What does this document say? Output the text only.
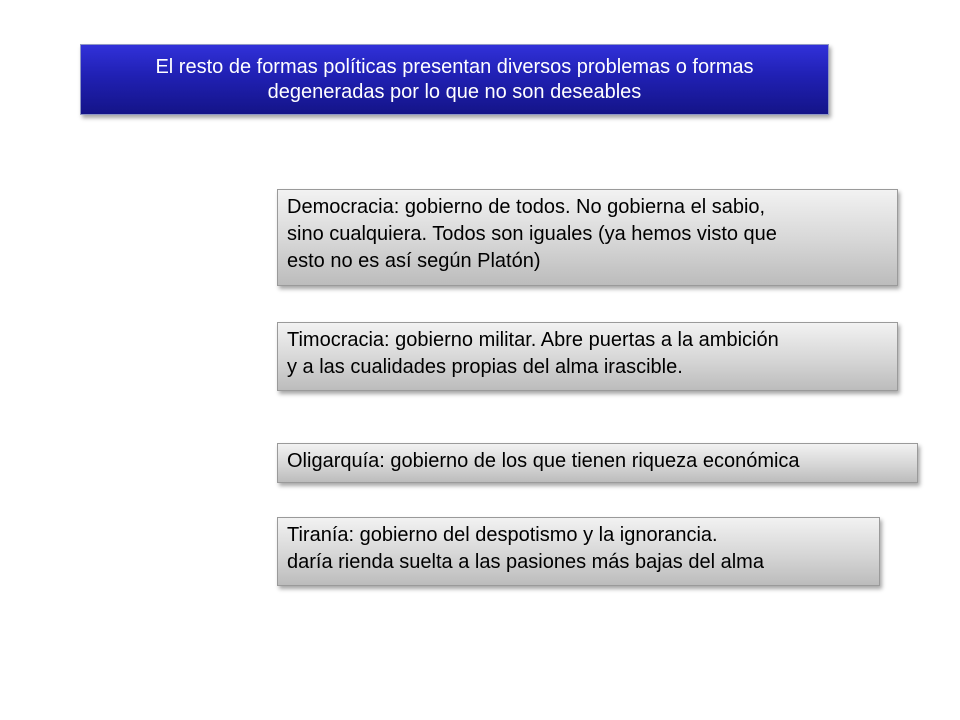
El resto de formas políticas presentan diversos problemas o formas
degeneradas por lo que no son deseables
Democracia: gobierno de todos. No gobierna el sabio,
sino cualquiera. Todos son iguales (ya hemos visto que
esto no es así según Platón)
Timocracia: gobierno militar. Abre puertas a la ambición
y a las cualidades propias del alma irascible.
Oligarquía: gobierno de los que tienen riqueza económica
Tiranía: gobierno del despotismo y la ignorancia.
daría rienda suelta a las pasiones más bajas del alma
